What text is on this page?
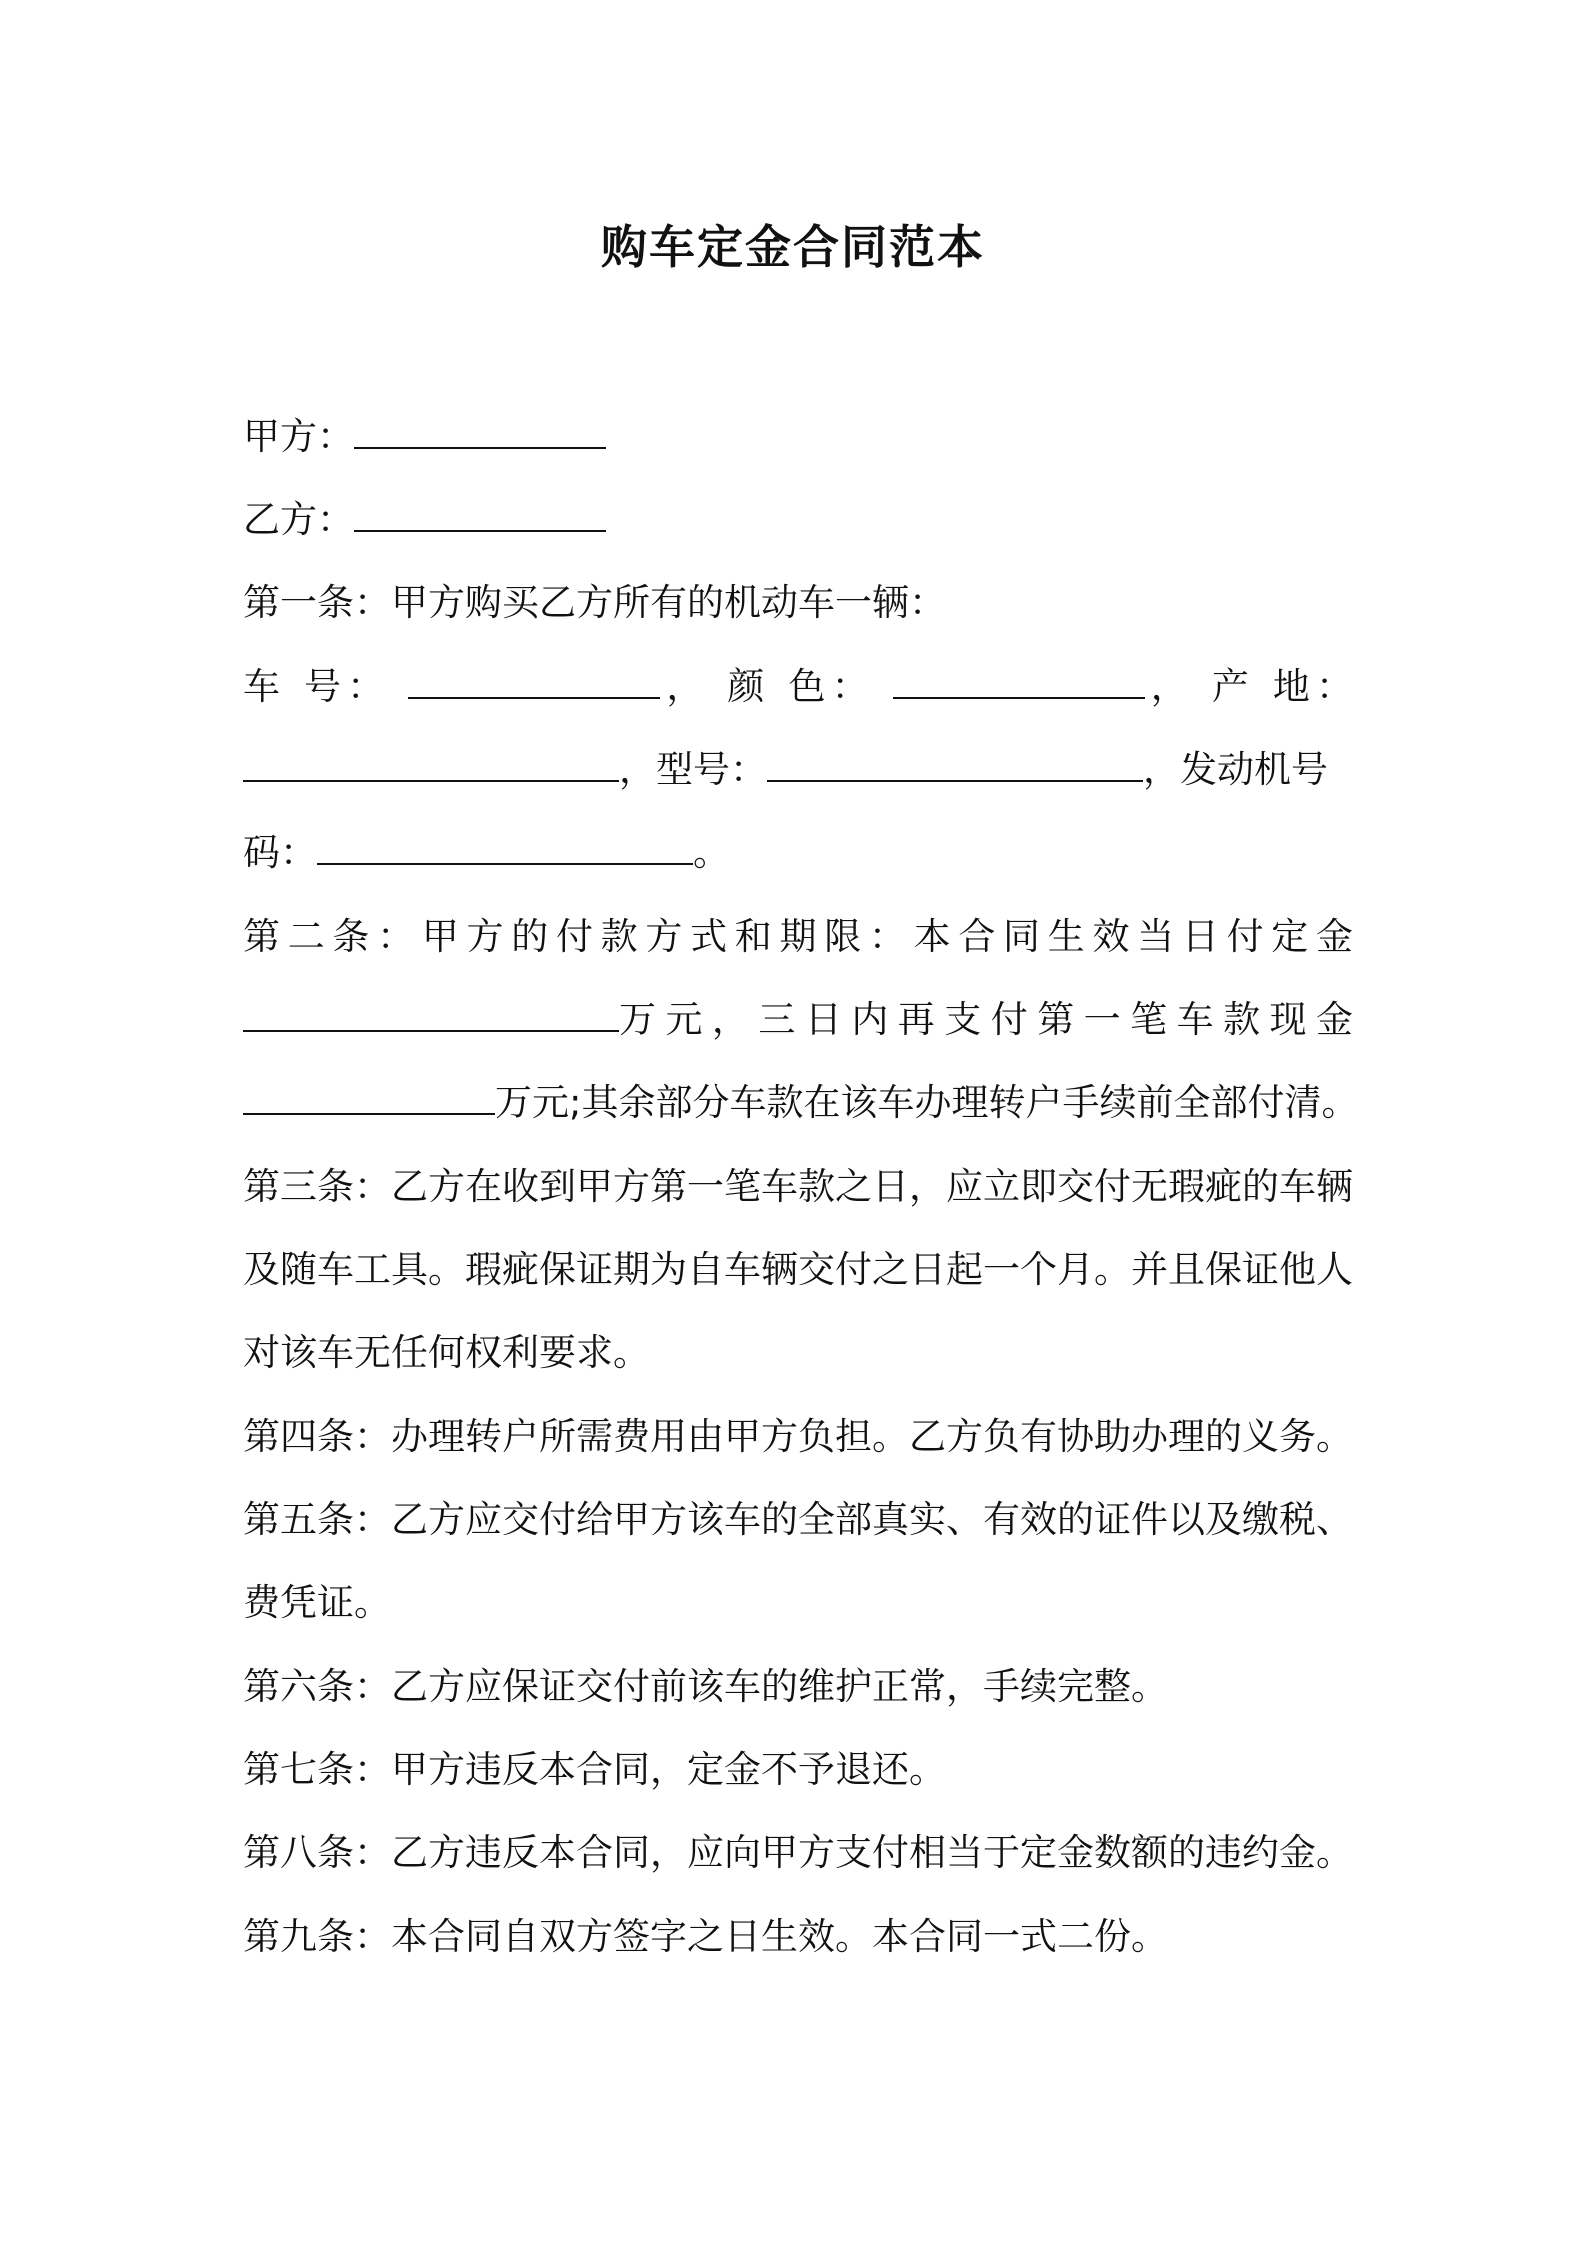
购车定金合同范本
甲方：
乙方：
第一条：甲方购买乙方所有的机动车一辆：
车 号：	， 颜 色：	， 产 地：
，型号：	，发动机号
码：	。
第二条：甲方的付款方式和期限：本合同生效当日付定金
万元，三日内再支付第一笔车款现金
万元;其余部分车款在该车办理转户手续前全部付清。
第三条：乙方在收到甲方第一笔车款之日，应立即交付无瑕疵的车辆
及随车工具。瑕疵保证期为自车辆交付之日起一个月。并且保证他人
对该车无任何权利要求。
第四条：办理转户所需费用由甲方负担。乙方负有协助办理的义务。
第五条：乙方应交付给甲方该车的全部真实、有效的证件以及缴税、
费凭证。
第六条：乙方应保证交付前该车的维护正常，手续完整。
第七条：甲方违反本合同，定金不予退还。
第八条：乙方违反本合同，应向甲方支付相当于定金数额的违约金。
第九条：本合同自双方签字之日生效。本合同一式二份。
